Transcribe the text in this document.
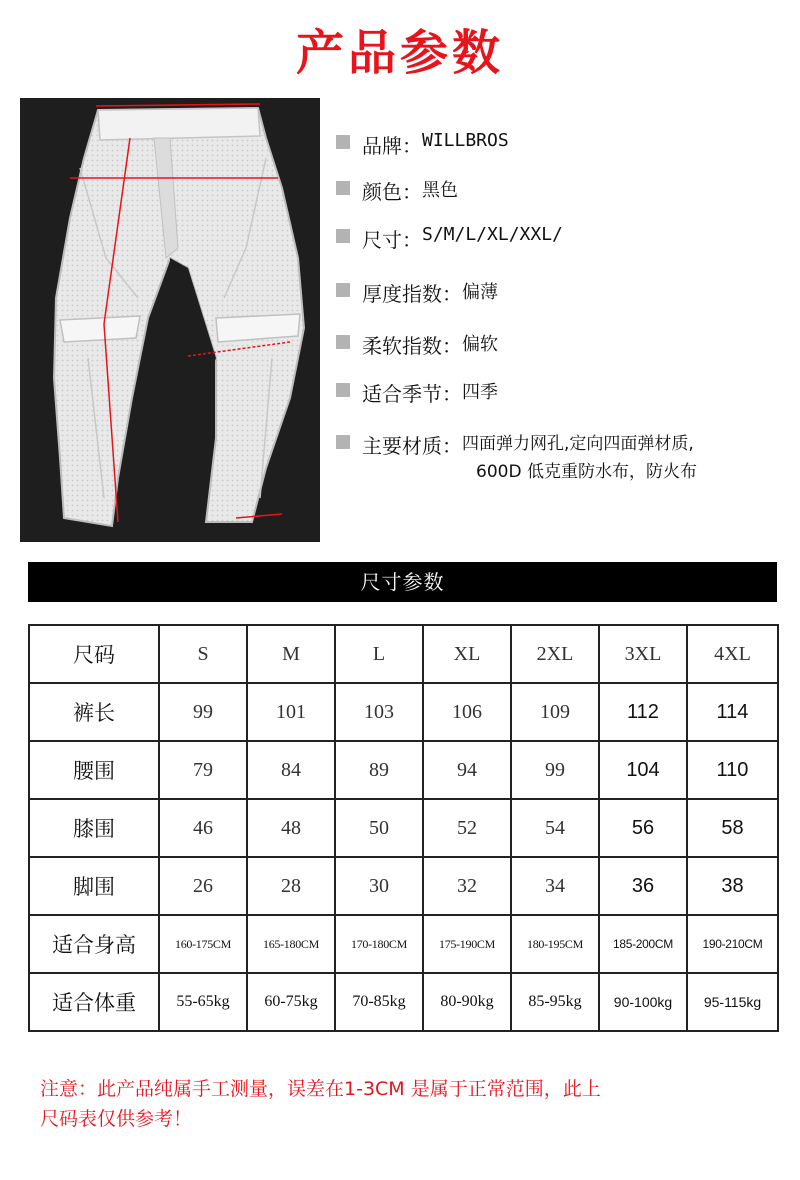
产品参数
品牌： WILLBROS
颜色： 黑色
尺寸： S/M/L/XL/XXL/
厚度指数： 偏薄
柔软指数： 偏软
适合季节： 四季
主要材质： 四面弹力网孔,定向四面弹材质,
600D 低克重防水布，防火布
尺寸参数
尺码	S	M	L	XL	2XL	3XL	4XL
裤长	99	101	103	106	109	112	114
腰围	79	84	89	94	99	104	110
膝围	46	48	50	52	54	56	58
脚围	26	28	30	32	34	36	38
适合身高	160-175CM	165-180CM	170-180CM	175-190CM	180-195CM	185-200CM	190-210CM
适合体重	55-65kg	60-75kg	70-85kg	80-90kg	85-95kg	90-100kg	95-115kg
注意：此产品纯属手工测量，误差在1-3CM 是属于正常范围，此上
尺码表仅供参考！
